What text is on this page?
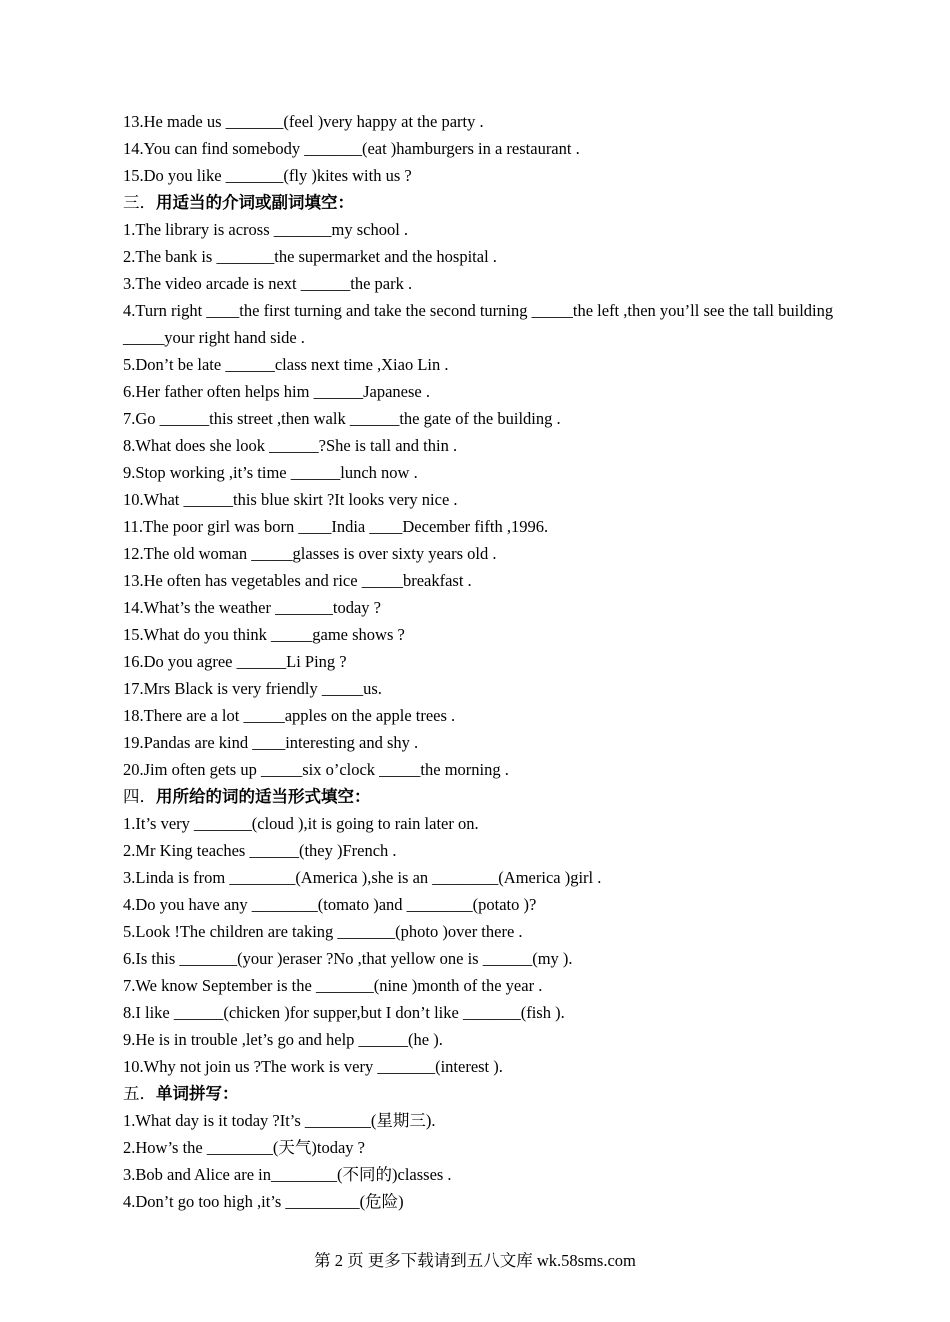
13.He made us _______(feel )very happy at the party .
14.You can find somebody _______(eat )hamburgers in a restaurant .
15.Do you like _______(fly )kites with us ?
三．用适当的介词或副词填空：
1.The library is across _______my school .
2.The bank is _______the supermarket and the hospital .
3.The video arcade is next ______the park .
4.Turn right ____the first turning and take the second turning _____the left ,then you’ll see the tall building _____your right hand side .
5.Don’t be late ______class next time ,Xiao Lin .
6.Her father often helps him ______Japanese .
7.Go ______this street ,then walk ______the gate of the building .
8.What does she look ______?She is tall and thin .
9.Stop working ,it’s time ______lunch now .
10.What ______this blue skirt ?It looks very nice .
11.The poor girl was born ____India ____December fifth ,1996.
12.The old woman _____glasses is over sixty years old .
13.He often has vegetables and rice _____breakfast .
14.What’s the weather _______today ?
15.What do you think _____game shows ?
16.Do you agree ______Li Ping ?
17.Mrs Black is very friendly _____us.
18.There are a lot _____apples on the apple trees .
19.Pandas are kind ____interesting and shy .
20.Jim often gets up _____six o’clock _____the morning .
四．用所给的词的适当形式填空：
1.It’s very _______(cloud ),it is going to rain later on.
2.Mr King teaches ______(they )French .
3.Linda is from ________(America ),she is an ________(America )girl .
4.Do you have any ________(tomato )and ________(potato )?
5.Look !The children are taking _______(photo )over there .
6.Is this _______(your )eraser ?No ,that yellow one is ______(my ).
7.We know September is the _______(nine )month of the year .
8.I like ______(chicken )for supper,but I don’t like _______(fish ).
9.He is in trouble ,let’s go and help ______(he ).
10.Why not join us ?The work is very _______(interest ).
五．单词拼写：
1.What day is it today ?It’s ________(星期三).
2.How’s the ________(天气)today ?
3.Bob and Alice are in________(不同的)classes .
4.Don’t go too high ,it’s _________(危险)
第 2 页 更多下载请到五八文库 wk.58sms.com
